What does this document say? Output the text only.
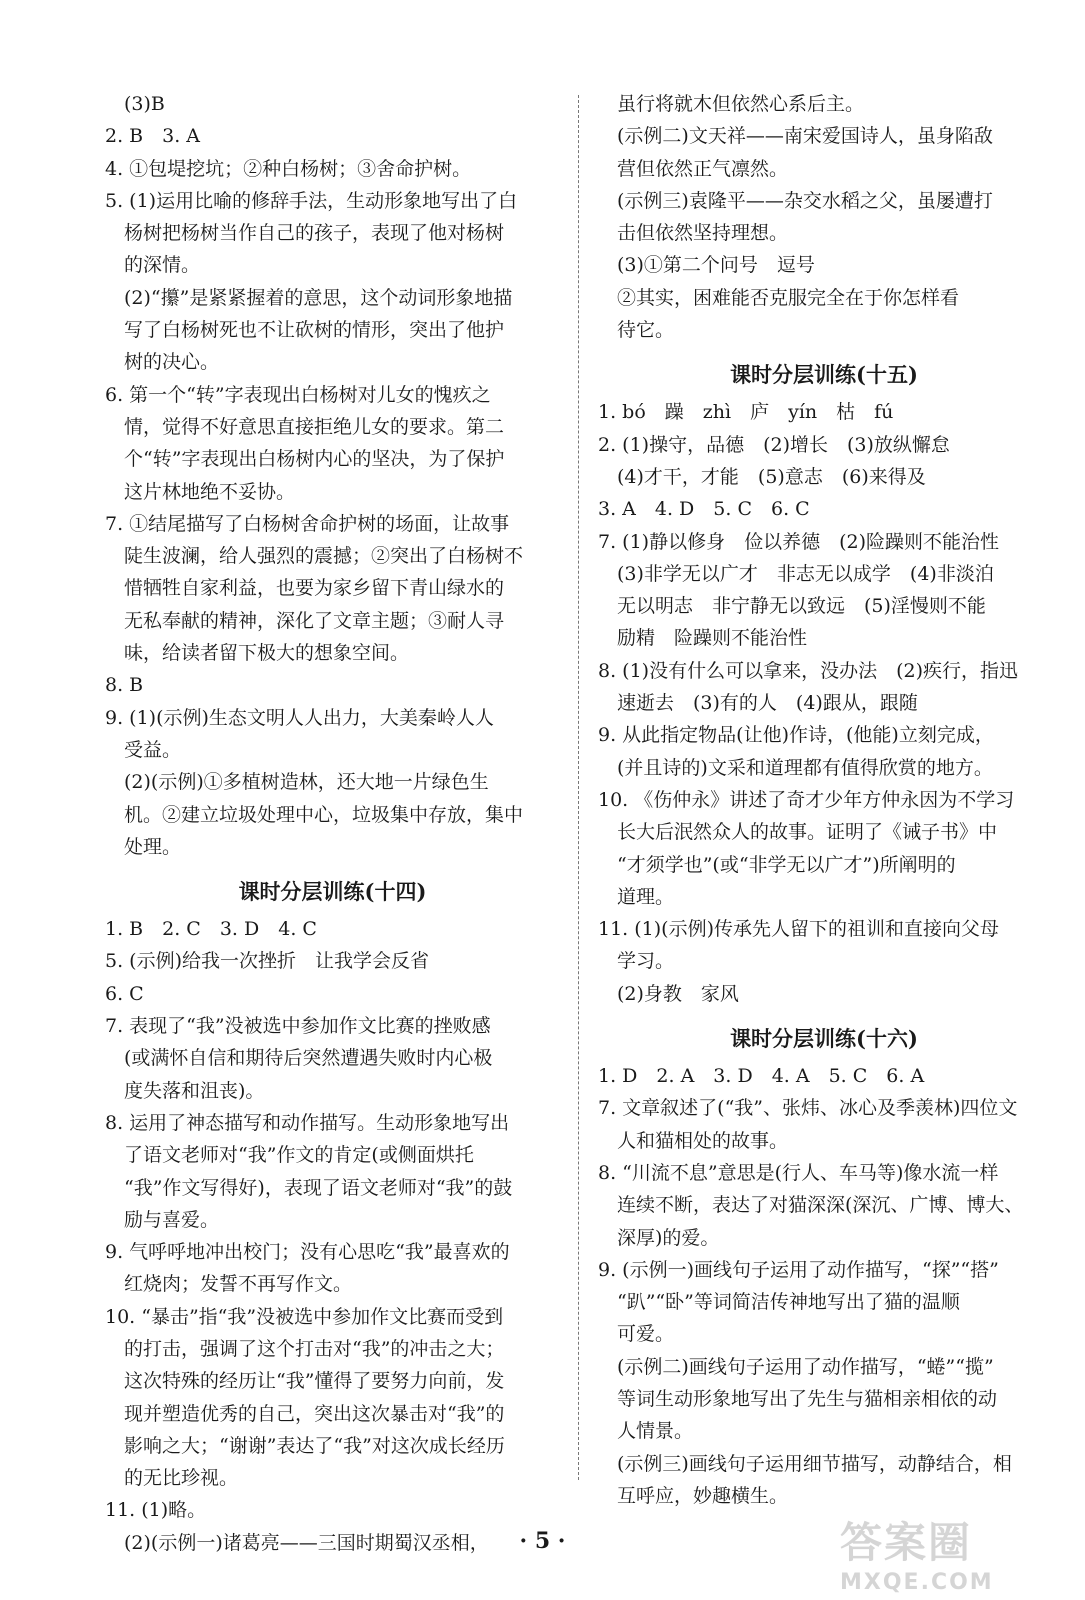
　(3)B
2. B　3. A
4. ①包堤挖坑；②种白杨树；③舍命护树。
5. (1)运用比喻的修辞手法，生动形象地写出了白
　杨树把杨树当作自己的孩子，表现了他对杨树
　的深情。
　(2)“攥”是紧紧握着的意思，这个动词形象地描
　写了白杨树死也不让砍树的情形，突出了他护
　树的决心。
6. 第一个“转”字表现出白杨树对儿女的愧疚之
　情，觉得不好意思直接拒绝儿女的要求。第二
　个“转”字表现出白杨树内心的坚决，为了保护
　这片林地绝不妥协。
7. ①结尾描写了白杨树舍命护树的场面，让故事
　陡生波澜，给人强烈的震撼；②突出了白杨树不
　惜牺牲自家利益，也要为家乡留下青山绿水的
　无私奉献的精神，深化了文章主题；③耐人寻
　味，给读者留下极大的想象空间。
8. B
9. (1)(示例)生态文明人人出力，大美秦岭人人
　受益。
　(2)(示例)①多植树造林，还大地一片绿色生
　机。②建立垃圾处理中心，垃圾集中存放，集中
　处理。
课时分层训练(十四)
1. B　2. C　3. D　4. C
5. (示例)给我一次挫折　让我学会反省
6. C
7. 表现了“我”没被选中参加作文比赛的挫败感
　(或满怀自信和期待后突然遭遇失败时内心极
　度失落和沮丧)。
8. 运用了神态描写和动作描写。生动形象地写出
　了语文老师对“我”作文的肯定(或侧面烘托
　“我”作文写得好)，表现了语文老师对“我”的鼓
　励与喜爱。
9. 气呼呼地冲出校门；没有心思吃“我”最喜欢的
　红烧肉；发誓不再写作文。
10. “暴击”指“我”没被选中参加作文比赛而受到
　的打击，强调了这个打击对“我”的冲击之大；
　这次特殊的经历让“我”懂得了要努力向前，发
　现并塑造优秀的自己，突出这次暴击对“我”的
　影响之大；“谢谢”表达了“我”对这次成长经历
　的无比珍视。
11. (1)略。
　(2)(示例一)诸葛亮——三国时期蜀汉丞相，
　虽行将就木但依然心系后主。
　(示例二)文天祥——南宋爱国诗人，虽身陷敌
　营但依然正气凛然。
　(示例三)袁隆平——杂交水稻之父，虽屡遭打
　击但依然坚持理想。
　(3)①第二个问号　逗号
　②其实，困难能否克服完全在于你怎样看
　待它。
课时分层训练(十五)
1. bó　躁　zhì　庐　yín　枯　fú
2. (1)操守，品德　(2)增长　(3)放纵懈怠
　(4)才干，才能　(5)意志　(6)来得及
3. A　4. D　5. C　6. C
7. (1)静以修身　俭以养德　(2)险躁则不能治性
　(3)非学无以广才　非志无以成学　(4)非淡泊
　无以明志　非宁静无以致远　(5)淫慢则不能
　励精　险躁则不能治性
8. (1)没有什么可以拿来，没办法　(2)疾行，指迅
　速逝去　(3)有的人　(4)跟从，跟随
9. 从此指定物品(让他)作诗，(他能)立刻完成，
　(并且诗的)文采和道理都有值得欣赏的地方。
10. 《伤仲永》讲述了奇才少年方仲永因为不学习
　长大后泯然众人的故事。证明了《诫子书》中
　“才须学也”(或“非学无以广才”)所阐明的
　道理。
11. (1)(示例)传承先人留下的祖训和直接向父母
　学习。
　(2)身教　家风
课时分层训练(十六)
1. D　2. A　3. D　4. A　5. C　6. A
7. 文章叙述了(“我”、张炜、冰心及季羡林)四位文
　人和猫相处的故事。
8. “川流不息”意思是(行人、车马等)像水流一样
　连续不断，表达了对猫深深(深沉、广博、博大、
　深厚)的爱。
9. (示例一)画线句子运用了动作描写，“探”“搭”
　“趴”“卧”等词简洁传神地写出了猫的温顺
　可爱。
　(示例二)画线句子运用了动作描写，“蜷”“揽”
　等词生动形象地写出了先生与猫相亲相依的动
　人情景。
　(示例三)画线句子运用细节描写，动静结合，相
　互呼应，妙趣横生。
· 5 ·	答案圈
MXQE.COM
